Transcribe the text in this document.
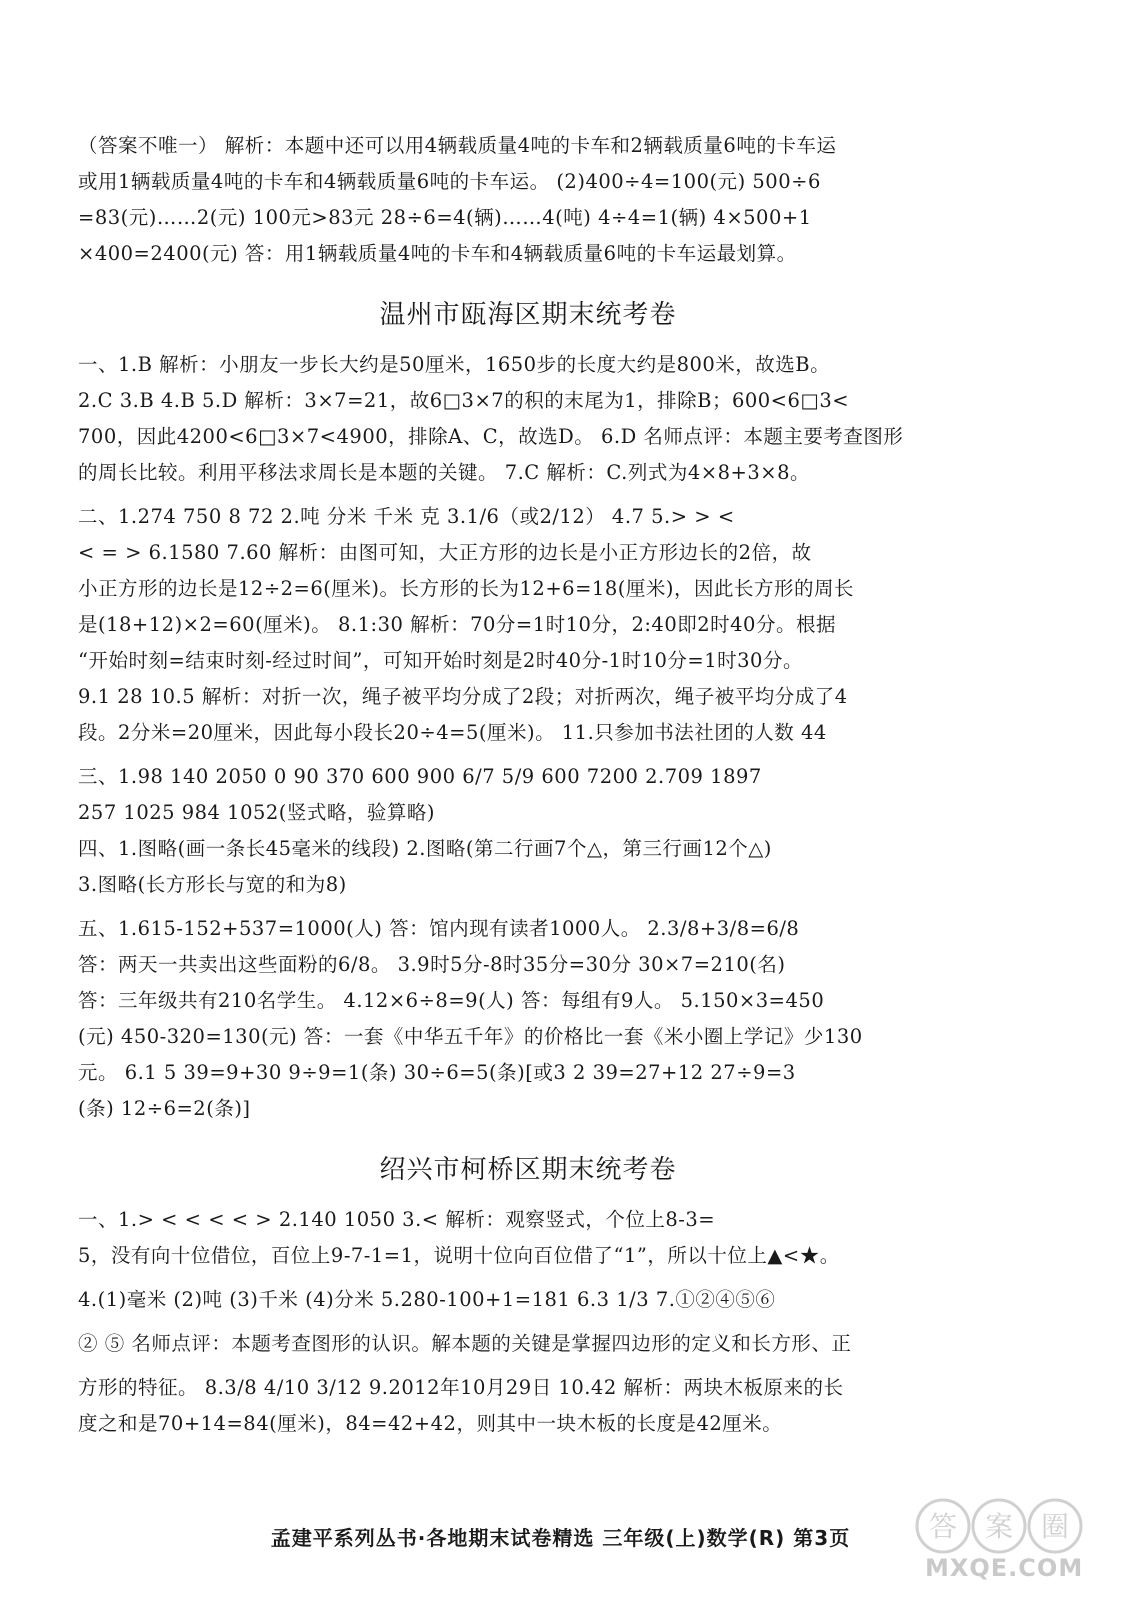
（答案不唯一） 解析：本题中还可以用4辆载质量4吨的卡车和2辆载质量6吨的卡车运

或用1辆载质量4吨的卡车和4辆载质量6吨的卡车运。 (2)400÷4=100(元) 500÷6

=83(元)……2(元) 100元>83元 28÷6=4(辆)……4(吨) 4÷4=1(辆) 4×500+1

×400=2400(元) 答：用1辆载质量4吨的卡车和4辆载质量6吨的卡车运最划算。

温州市瓯海区期末统考卷

一、1.B 解析：小朋友一步长大约是50厘米，1650步的长度大约是800米，故选B。

2.C 3.B 4.B 5.D 解析：3×7=21，故6□3×7的积的末尾为1，排除B；600<6□3<

700，因此4200<6□3×7<4900，排除A、C，故选D。 6.D 名师点评：本题主要考查图形

的周长比较。利用平移法求周长是本题的关键。 7.C 解析：C.列式为4×8+3×8。

二、1.274 750 8 72 2.吨 分米 千米 克 3.1/6（或2/12） 4.7 5.> > <

< = > 6.1580 7.60 解析：由图可知，大正方形的边长是小正方形边长的2倍，故

小正方形的边长是12÷2=6(厘米)。长方形的长为12+6=18(厘米)，因此长方形的周长

是(18+12)×2=60(厘米)。 8.1:30 解析：70分=1时10分，2:40即2时40分。根据

“开始时刻=结束时刻-经过时间”，可知开始时刻是2时40分-1时10分=1时30分。

9.1 28 10.5 解析：对折一次，绳子被平均分成了2段；对折两次，绳子被平均分成了4

段。2分米=20厘米，因此每小段长20÷4=5(厘米)。 11.只参加书法社团的人数 44

三、1.98 140 2050 0 90 370 600 900 6/7 5/9 600 7200 2.709 1897

257 1025 984 1052(竖式略，验算略)

四、1.图略(画一条长45毫米的线段) 2.图略(第二行画7个△，第三行画12个△)

3.图略(长方形长与宽的和为8)

五、1.615-152+537=1000(人) 答：馆内现有读者1000人。 2.3/8+3/8=6/8

答：两天一共卖出这些面粉的6/8。 3.9时5分-8时35分=30分 30×7=210(名)

答：三年级共有210名学生。 4.12×6÷8=9(人) 答：每组有9人。 5.150×3=450

(元) 450-320=130(元) 答：一套《中华五千年》的价格比一套《米小圈上学记》少130

元。 6.1 5 39=9+30 9÷9=1(条) 30÷6=5(条)[或3 2 39=27+12 27÷9=3

(条) 12÷6=2(条)]

绍兴市柯桥区期末统考卷

一、1.> < < < < > 2.140 1050 3.< 解析：观察竖式，个位上8-3=

5，没有向十位借位，百位上9-7-1=1，说明十位向百位借了“1”，所以十位上▲<★。

4.(1)毫米 (2)吨 (3)千米 (4)分米 5.280-100+1=181 6.3 1/3 7.①②④⑤⑥

② ⑤ 名师点评：本题考查图形的认识。解本题的关键是掌握四边形的定义和长方形、正

方形的特征。 8.3/8 4/10 3/12 9.2012年10月29日 10.42 解析：两块木板原来的长

度之和是70+14=84(厘米)，84=42+42，则其中一块木板的长度是42厘米。

孟建平系列丛书·各地期末试卷精选 三年级(上)数学(R) 第3页	答 案 圈
MXQE.COM
